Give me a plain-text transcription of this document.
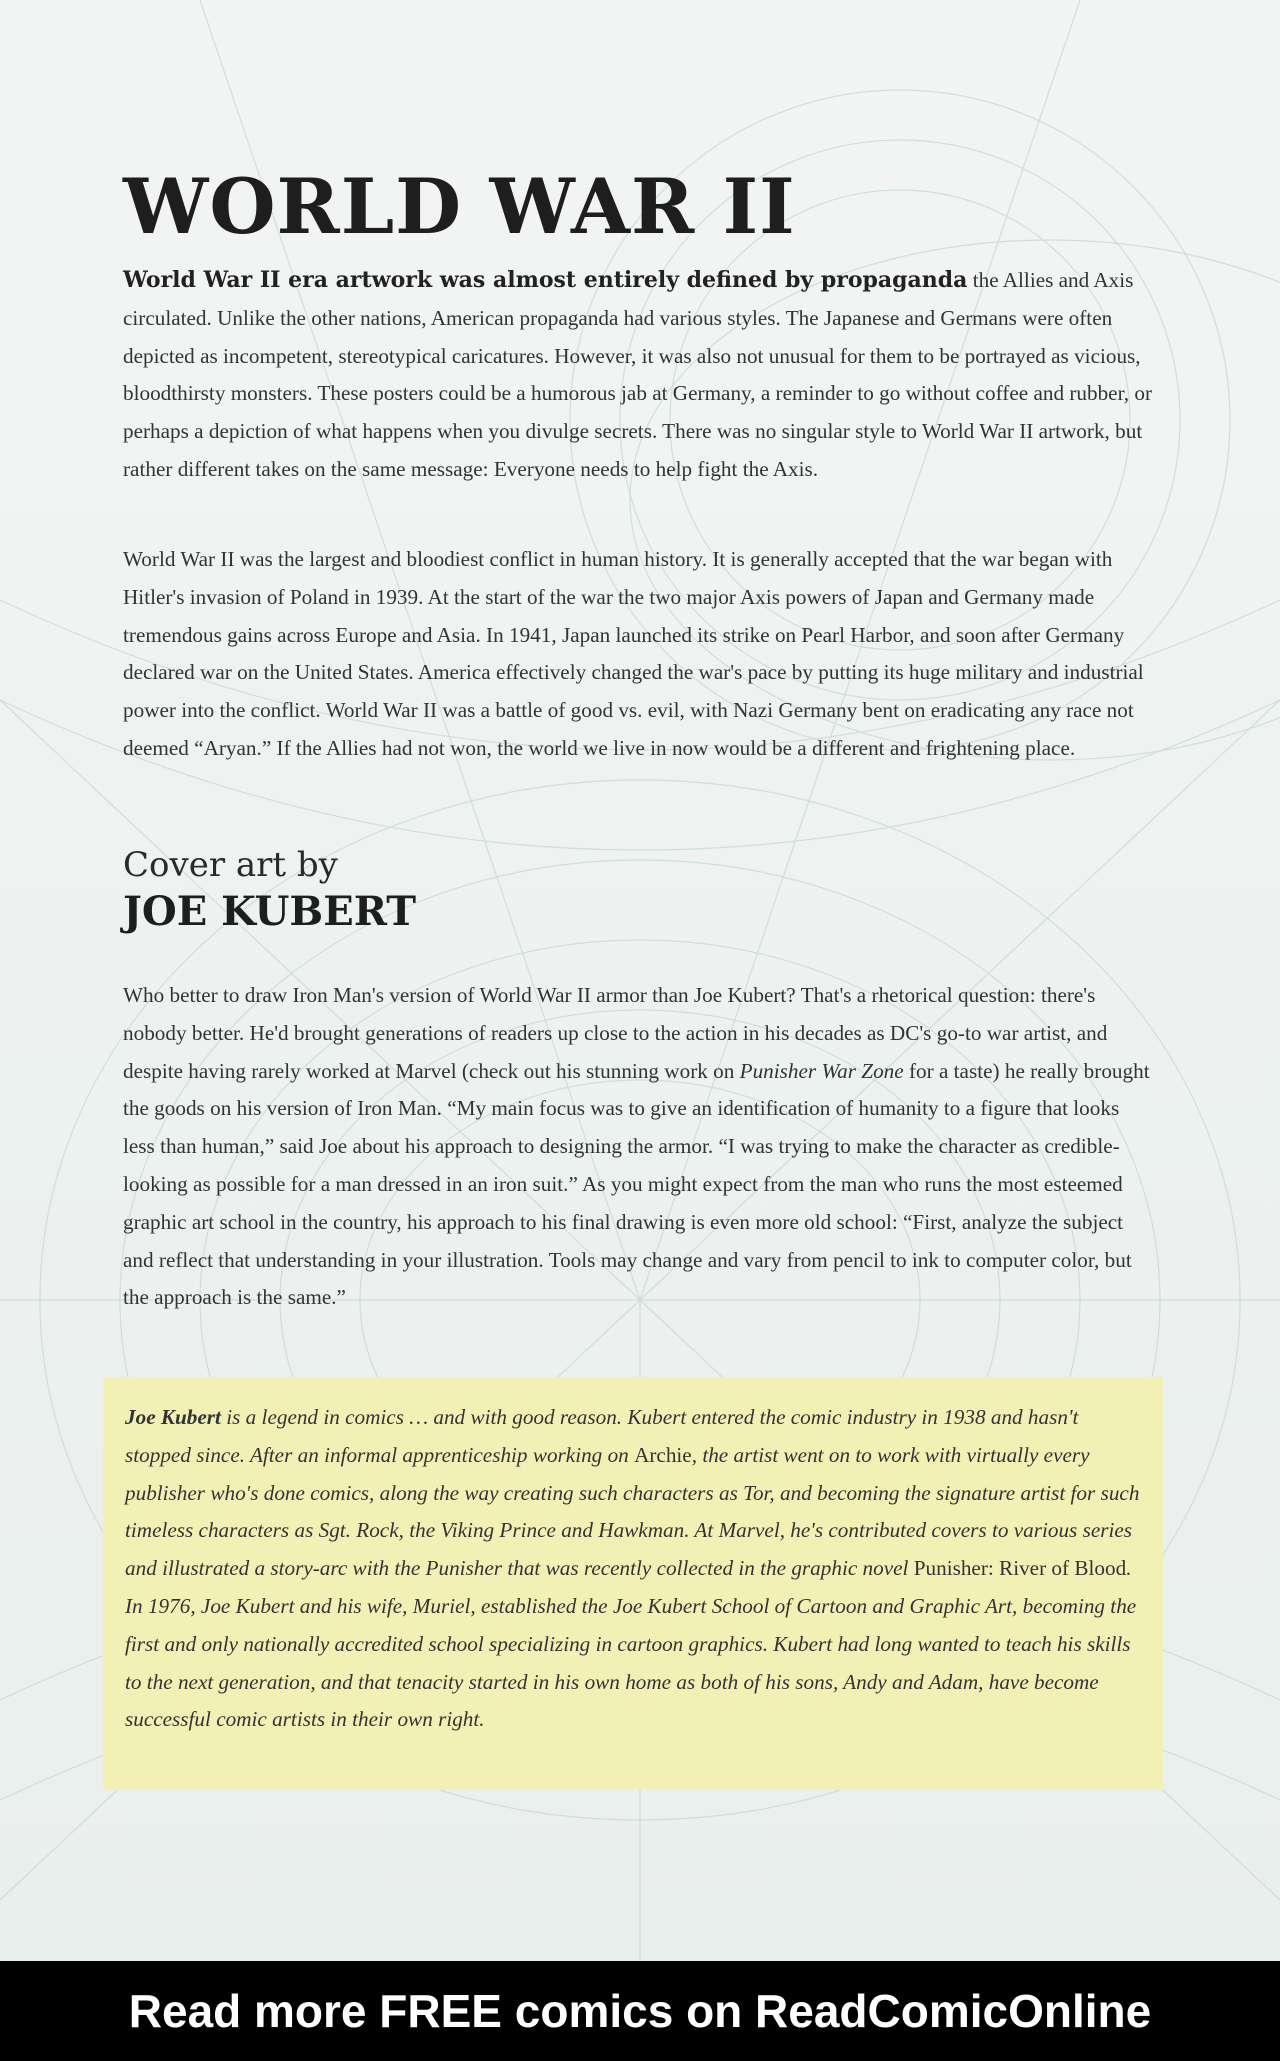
WORLD WAR II

World War II era artwork was almost entirely defined by propaganda the Allies and Axis circulated. Unlike the other nations, American propaganda had various styles. The Japanese and Germans were often depicted as incompetent, stereotypical caricatures. However, it was also not unusual for them to be portrayed as vicious, bloodthirsty monsters. These posters could be a humorous jab at Germany, a reminder to go without coffee and rubber, or perhaps a depiction of what happens when you divulge secrets. There was no singular style to World War II artwork, but rather different takes on the same message: Everyone needs to help fight the Axis.

World War II was the largest and bloodiest conflict in human history. It is generally accepted that the war began with Hitler's invasion of Poland in 1939. At the start of the war the two major Axis powers of Japan and Germany made tremendous gains across Europe and Asia. In 1941, Japan launched its strike on Pearl Harbor, and soon after Germany declared war on the United States. America effectively changed the war's pace by putting its huge military and industrial power into the conflict. World War II was a battle of good vs. evil, with Nazi Germany bent on eradicating any race not deemed “Aryan.” If the Allies had not won, the world we live in now would be a different and frightening place.

Cover art by

JOE KUBERT

Who better to draw Iron Man's version of World War II armor than Joe Kubert? That's a rhetorical question: there's nobody better. He'd brought generations of readers up close to the action in his decades as DC's go-to war artist, and despite having rarely worked at Marvel (check out his stunning work on Punisher War Zone for a taste) he really brought the goods on his version of Iron Man. “My main focus was to give an identification of humanity to a figure that looks less than human,” said Joe about his approach to designing the armor. “I was trying to make the character as credible-looking as possible for a man dressed in an iron suit.” As you might expect from the man who runs the most esteemed graphic art school in the country, his approach to his final drawing is even more old school: “First, analyze the subject and reflect that understanding in your illustration. Tools may change and vary from pencil to ink to computer color, but the approach is the same.”

Joe Kubert is a legend in comics … and with good reason. Kubert entered the comic industry in 1938 and hasn't stopped since. After an informal apprenticeship working on Archie, the artist went on to work with virtually every publisher who's done comics, along the way creating such characters as Tor, and becoming the signature artist for such timeless characters as Sgt. Rock, the Viking Prince and Hawkman. At Marvel, he's contributed covers to various series and illustrated a story-arc with the Punisher that was recently collected in the graphic novel Punisher: River of Blood. In 1976, Joe Kubert and his wife, Muriel, established the Joe Kubert School of Cartoon and Graphic Art, becoming the first and only nationally accredited school specializing in cartoon graphics. Kubert had long wanted to teach his skills to the next generation, and that tenacity started in his own home as both of his sons, Andy and Adam, have become successful comic artists in their own right.
Read more FREE comics on ReadComicOnline
